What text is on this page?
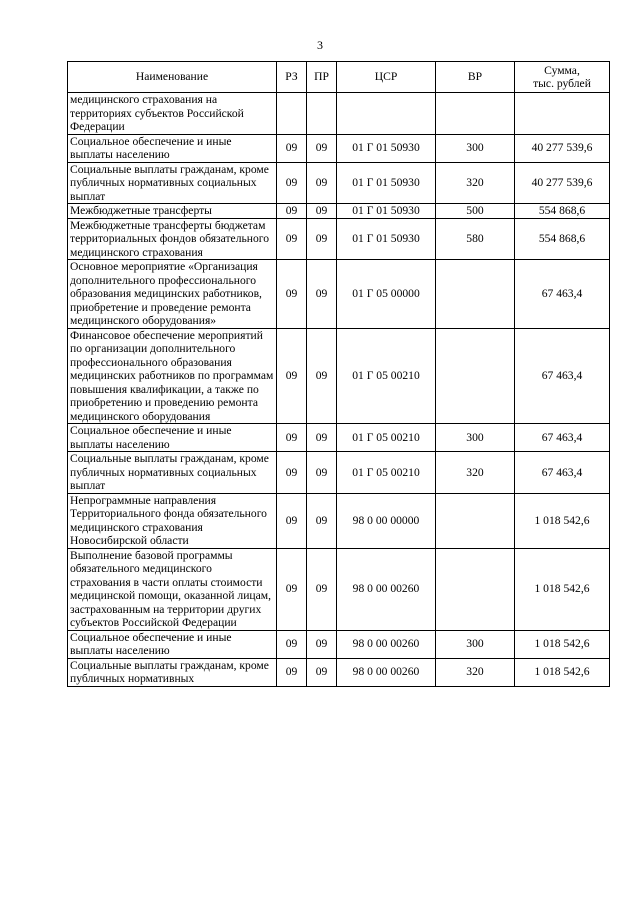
3
Наименование	РЗ	ПР	ЦСР	ВР	Сумма,
тыс. рублей

медицинского страхования на территориях субъектов Российской Федерации					
Социальное обеспечение и иные выплаты населению	09	09	01 Г 01 50930	300	40 277 539,6
Социальные выплаты гражданам, кроме публичных нормативных социальных выплат	09	09	01 Г 01 50930	320	40 277 539,6
Межбюджетные трансферты	09	09	01 Г 01 50930	500	554 868,6
Межбюджетные трансферты бюджетам территориальных фондов обязательного медицинского страхования	09	09	01 Г 01 50930	580	554 868,6
Основное мероприятие «Организация дополнительного профессионального образования медицинских работников, приобретение и проведение ремонта медицинского оборудования»	09	09	01 Г 05 00000		67 463,4
Финансовое обеспечение мероприятий по организации дополнительного профессионального образования медицинских работников по программам повышения квалификации, а также по приобретению и проведению ремонта медицинского оборудования	09	09	01 Г 05 00210		67 463,4
Социальное обеспечение и иные выплаты населению	09	09	01 Г 05 00210	300	67 463,4
Социальные выплаты гражданам, кроме публичных нормативных социальных выплат	09	09	01 Г 05 00210	320	67 463,4
Непрограммные направления Территориального фонда обязательного медицинского страхования Новосибирской области	09	09	98 0 00 00000		1 018 542,6
Выполнение базовой программы обязательного медицинского страхования в части оплаты стоимости медицинской помощи, оказанной лицам, застрахованным на территории других субъектов Российской Федерации	09	09	98 0 00 00260		1 018 542,6
Социальное обеспечение и иные выплаты населению	09	09	98 0 00 00260	300	1 018 542,6
Социальные выплаты гражданам, кроме публичных нормативных	09	09	98 0 00 00260	320	1 018 542,6
